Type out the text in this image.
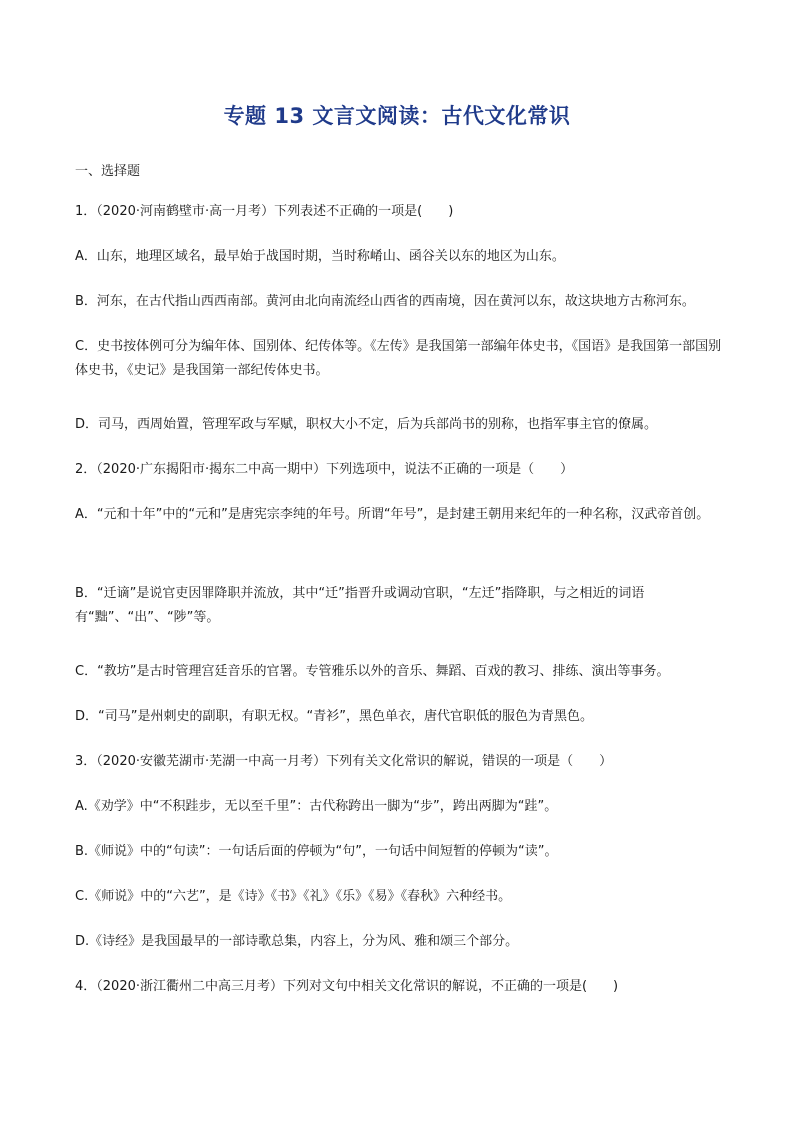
专题 13 文言文阅读：古代文化常识
一、选择题
1．（2020·河南鹤壁市·高一月考）下列表述不正确的一项是(　　)
A．山东，地理区域名，最早始于战国时期，当时称崤山、函谷关以东的地区为山东。
B．河东，在古代指山西西南部。黄河由北向南流经山西省的西南境，因在黄河以东，故这块地方古称河东。
C．史书按体例可分为编年体、国别体、纪传体等。《左传》是我国第一部编年体史书，《国语》是我国第一部国别体史书，《史记》是我国第一部纪传体史书。
D．司马，西周始置，管理军政与军赋，职权大小不定，后为兵部尚书的别称，也指军事主官的僚属。
2．（2020·广东揭阳市·揭东二中高一期中）下列选项中，说法不正确的一项是（　　）
A．“元和十年”中的“元和”是唐宪宗李纯的年号。所谓“年号”，是封建王朝用来纪年的一种名称，汉武帝首创。
B．“迁谪”是说官吏因罪降职并流放，其中“迁”指晋升或调动官职，“左迁”指降职，与之相近的词语有“黜”、“出”、“陟”等。
C．“教坊”是古时管理宫廷音乐的官署。专管雅乐以外的音乐、舞蹈、百戏的教习、排练、演出等事务。
D．“司马”是州刺史的副职，有职无权。“青衫”，黑色单衣，唐代官职低的服色为青黑色。
3．（2020·安徽芜湖市·芜湖一中高一月考）下列有关文化常识的解说，错误的一项是（　　）
A.《劝学》中“不积跬步，无以至千里”：古代称跨出一脚为“步”，跨出两脚为“跬”。
B.《师说》中的“句读”：一句话后面的停顿为“句”，一句话中间短暂的停顿为“读”。
C.《师说》中的“六艺”，是《诗》《书》《礼》《乐》《易》《春秋》六种经书。
D.《诗经》是我国最早的一部诗歌总集，内容上，分为风、雅和颂三个部分。
4．（2020·浙江衢州二中高三月考）下列对文句中相关文化常识的解说，不正确的一项是(　　)
